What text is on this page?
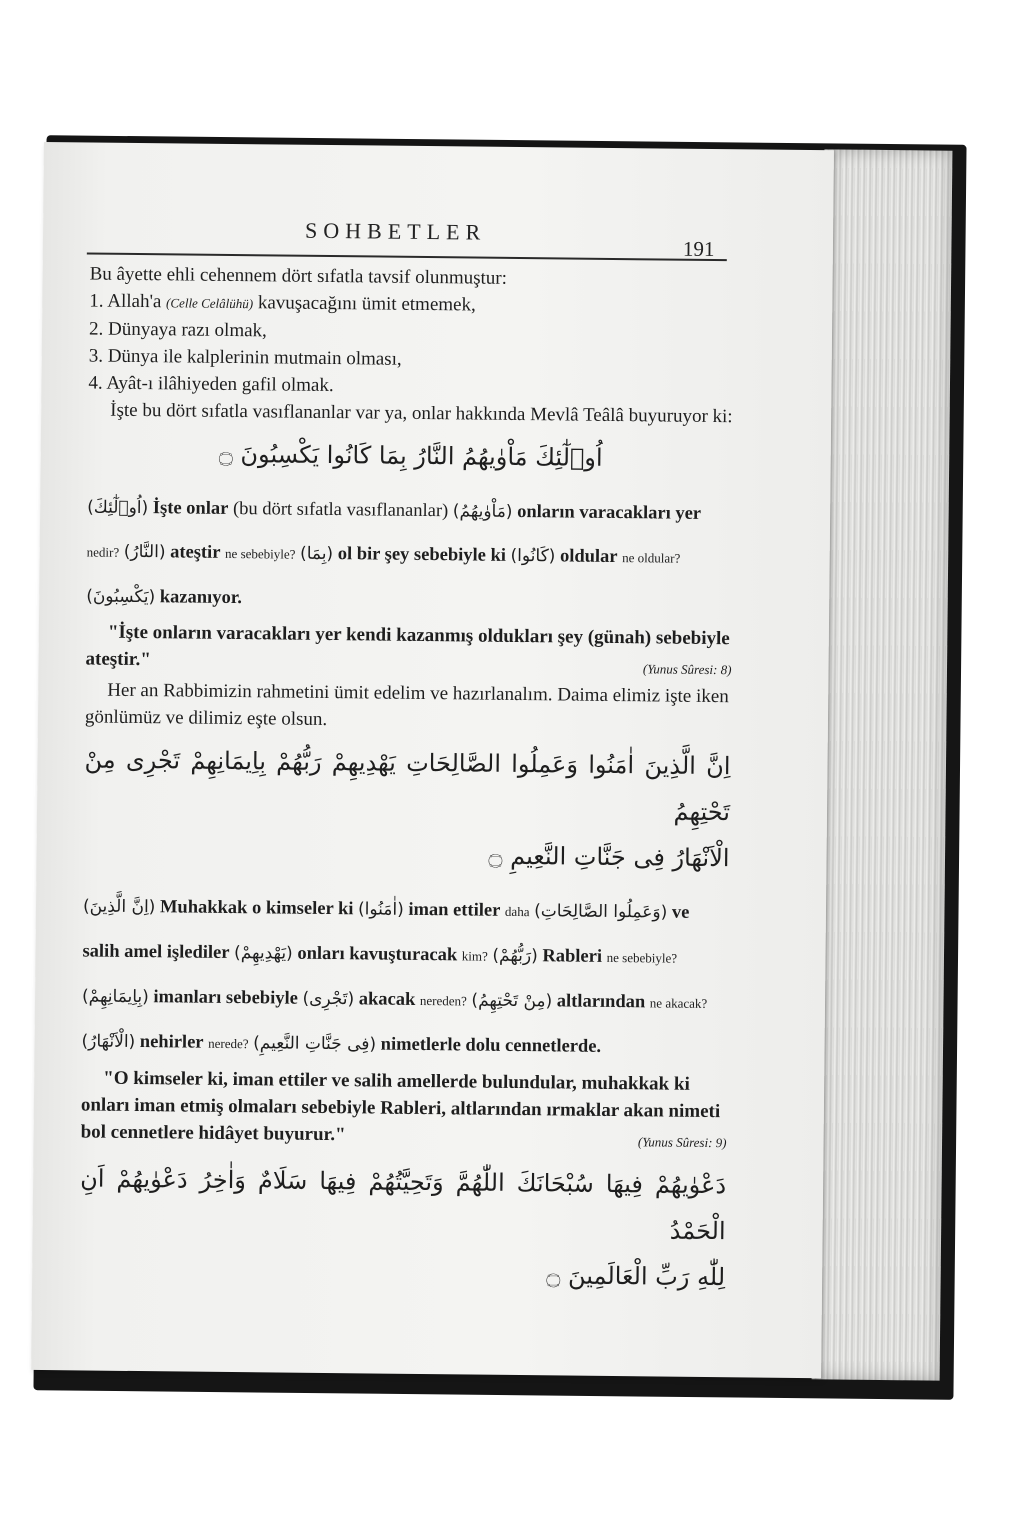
SOHBETLER
191

Bu âyette ehli cehennem dört sıfatla tavsif olunmuştur:

1. Allah'a (Celle Celâlühü) kavuşacağını ümit etmemek,

2. Dünyaya razı olmak,

3. Dünya ile kalplerinin mutmain olması,

4. Ayât-ı ilâhiyeden gafil olmak.

İşte bu dört sıfatla vasıflananlar var ya, onlar hakkında Mevlâ Teâlâ buyuruyor ki:

اُو۬لٰٓئِكَ مَاْوٰيهُمُ النَّارُ بِمَا كَانُوا يَكْسِبُونَ ۝

(اُو۬لٰٓئِكَ) İşte onlar (bu dört sıfatla vasıflananlar) (مَاْوٰيهُمُ) onların varacakları yer nedir? (النَّارُ) ateştir ne sebebiyle? (بِمَا) ol bir şey sebebiyle ki (كَانُوا) oldular ne oldular? (يَكْسِبُونَ) kazanıyor.

"İşte onların varacakları yer kendi kazanmış oldukları şey (günah) sebebiyle ateştir."	(Yunus Sûresi: 8)

Her an Rabbimizin rahmetini ümit edelim ve hazırlanalım. Daima elimiz işte iken gönlümüz ve dilimiz eşte olsun.

اِنَّ الَّذِينَ اٰمَنُوا وَعَمِلُوا الصَّالِحَاتِ يَهْدِيهِمْ رَبُّهُمْ بِاِيمَانِهِمْ تَجْرِى مِنْ تَحْتِهِمُ
الْاَنْهَارُ فِى جَنَّاتِ النَّعِيمِ ۝

(اِنَّ الَّذِينَ) Muhakkak o kimseler ki (اٰمَنُوا) iman ettiler daha (وَعَمِلُوا الصَّالِحَاتِ) ve salih amel işlediler (يَهْدِيهِمْ) onları kavuşturacak kim? (رَبُّهُمْ) Rableri ne sebebiyle? (بِاِيمَانِهِمْ) imanları sebebiyle (تَجْرِى) akacak nereden? (مِنْ تَحْتِهِمُ) altlarından ne akacak? (الْاَنْهَارُ) nehirler nerede? (فِى جَنَّاتِ النَّعِيمِ) nimetlerle dolu cennetlerde.

"O kimseler ki, iman ettiler ve salih amellerde bulundular, muhakkak ki onları iman etmiş olmaları sebebiyle Rableri, altlarından ırmaklar akan nimeti bol cennetlere hidâyet buyurur."	(Yunus Sûresi: 9)

دَعْوٰيهُمْ فِيهَا سُبْحَانَكَ اللّٰهُمَّ وَتَحِيَّتُهُمْ فِيهَا سَلَامٌ وَاٰخِرُ دَعْوٰيهُمْ اَنِ الْحَمْدُ
لِلّٰهِ رَبِّ الْعَالَمِينَ ۝
